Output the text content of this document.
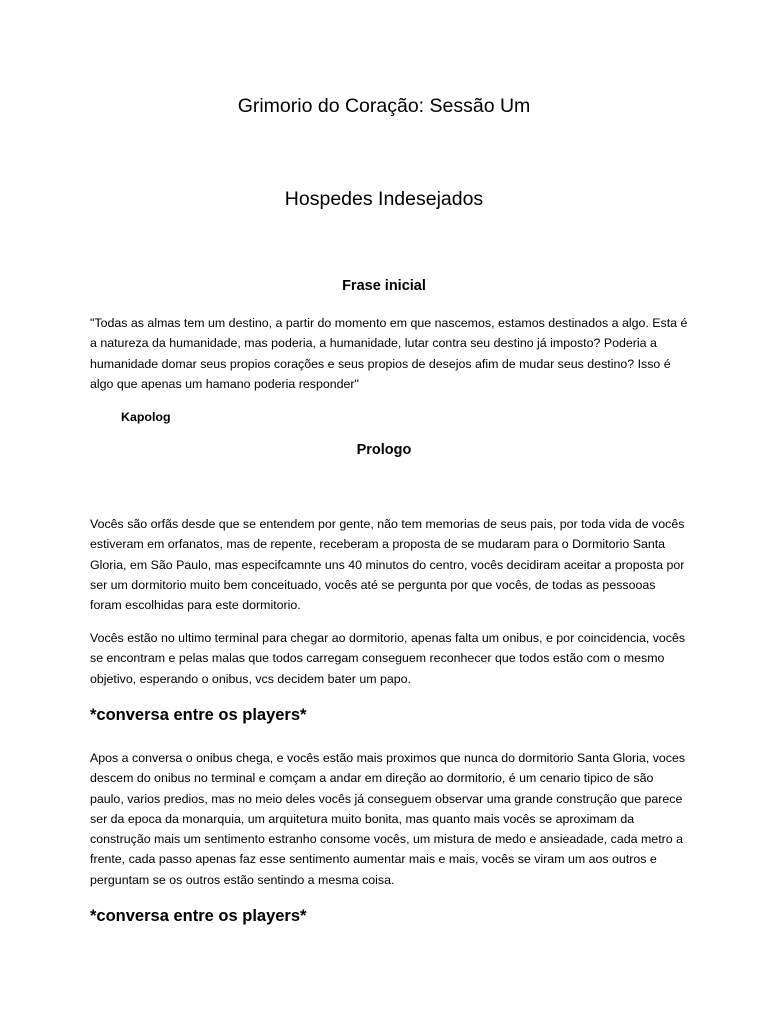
Grimorio do Coração: Sessão Um
Hospedes Indesejados
Frase inicial

"Todas as almas tem um destino, a partir do momento em que nascemos, estamos destinados a algo. Esta é a natureza da humanidade, mas poderia, a humanidade, lutar contra seu destino já imposto? Poderia a humanidade domar seus propios corações e seus propios de desejos afim de mudar seus destino? Isso é algo que apenas um hamano poderia responder"

Kapolog

Prologo

Vocês são orfãs desde que se entendem por gente, não tem memorias de seus pais, por toda vida de vocês estiveram em orfanatos, mas de repente, receberam a proposta de se mudaram para o Dormitorio Santa Gloria, em São Paulo, mas especifcamnte uns 40 minutos do centro, vocês decidiram aceitar a proposta por ser um dormitorio muito bem conceituado, vocês até se pergunta por que vocês, de todas as pessooas foram escolhidas para este dormitorio.

Vocês estão no ultimo terminal para chegar ao dormitorio, apenas falta um onibus, e por coincidencia, vocês se encontram e pelas malas que todos carregam conseguem reconhecer que todos estão com o mesmo objetivo, esperando o onibus, vcs decidem bater um papo.

*conversa entre os players*

Apos a conversa o onibus chega, e vocês estão mais proximos que nunca do dormitorio Santa Gloria, voces descem do onibus no terminal e comçam a andar em direção ao dormitorio, é um cenario tipico de são paulo, varios predios, mas no meio deles vocês já conseguem observar uma grande construção que parece ser da epoca da monarquia, um arquitetura muito bonita, mas quanto mais vocês se aproximam da construção mais um sentimento estranho consome vocês, um mistura de medo e ansieadade, cada metro a frente, cada passo apenas faz esse sentimento aumentar mais e mais, vocês se viram um aos outros e perguntam se os outros estão sentindo a mesma coisa.

*conversa entre os players*
